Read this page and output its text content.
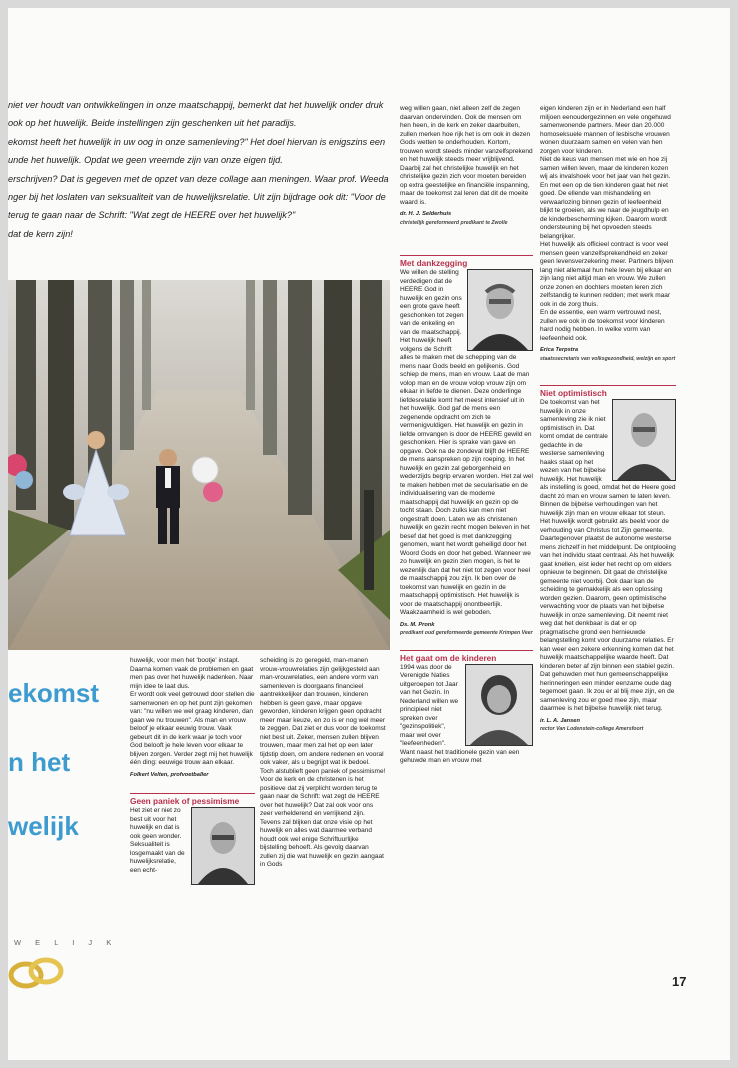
niet ver houdt van ontwikkelingen in onze maatschappij, bemerkt dat het huwelijk onder druk

ook op het huwelijk. Beide instellingen zijn geschenken uit het paradijs.

ekomst heeft het huwelijk in uw oog in onze samenleving?" Het doel hiervan is enigszins een

unde het huwelijk. Opdat we geen vreemde zijn van onze eigen tijd.

erschrijven? Dat is gegeven met de opzet van deze collage aan meningen. Waar prof. Weeda

nger bij het loslaten van seksualiteit van de huwelijksrelatie. Uit zijn bijdrage ook dit: "Voor de

terug te gaan naar de Schrift: "Wat zegt de HEERE over het huwelijk?"

dat de kern zijn!

ekomst
n het
welijk
W E L I J K

huwelijk, voor men het 'bootje' instapt. Daarna komen vaak de problemen en gaat men pas over het huwelijk nadenken. Naar mijn idee te laat dus.

Er wordt ook veel getrouwd door stellen die samenwonen en op het punt zijn gekomen van: "nu willen we wel graag kinderen, dan gaan we nu trouwen". Als man en vrouw beloof je elkaar eeuwig trouw. Vaak gebeurt dit in de kerk waar je toch voor God belooft je hele leven voor elkaar te blijven zorgen. Verder zegt mij het huwelijk één ding: eeuwige trouw aan elkaar.

Folkert Velten, profvoetballer
Geen paniek of pessimisme

Het ziet er niet zo best uit voor het huwelijk en dat is ook geen wonder. Seksualiteit is losgemaakt van de huwelijksrelatie, een echt-

scheiding is zo geregeld, man-manen vrouw-vrouwrelaties zijn gelijkgesteld aan man-vrouwrelaties, een andere vorm van samenleven is doorgaans financieel aantrekkelijker dan trouwen, kinderen hebben is geen gave, maar opgave geworden, kinderen krijgen geen opdracht meer maar keuze, en zo is er nog wel meer te zeggen. Dat ziet er dus voor de toekomst niet best uit. Zeker, mensen zullen blijven trouwen, maar men zal het op een later tijdstip doen, om andere redenen en vooral ook vaker, als u begrijpt wat ik bedoel.

Toch alstublieft geen paniek of pessimisme! Voor de kerk en de christenen is het positieve dat zij verplicht worden terug te gaan naar de Schrift: wat zegt de HEERE over het huwelijk? Dat zal ook voor ons zeer verhelderend en verrijkend zijn. Tevens zal blijken dat onze visie op het huwelijk en alles wat daarmee verband houdt ook wel enige Schriftuurlijke bijstelling behoeft. Als gevolg daarvan zullen zij die wat huwelijk en gezin aangaat in Gods

weg willen gaan, niet alleen zelf de zegen daarvan ondervinden. Ook de mensen om hen heen, in de kerk en zeker daarbuiten, zullen merken hoe rijk het is om ook in dezen Gods wetten te onderhouden. Kortom, trouwen wordt steeds minder vanzelfsprekend en het huwelijk steeds meer vrijblijvend. Daarbij zal het christelijke huwelijk en het christelijke gezin zich voor moeten bereiden op extra geestelijke en financiële inspanning, maar de toekomst zal leren dat dit de moeite waard is.

dr. H. J. Selderhuis
christelijk gereformeerd predikant te Zwolle
Met dankzegging

We willen de stelling verdedigen dat de HEERE God in huwelijk en gezin ons een grote gave heeft geschonken tot zegen van de enkeling en van de maatschappij. Het huwelijk heeft volgens de Schrift alles te maken met de schepping van de mens naar Gods beeld en gelijkenis. God schiep de mens, man en vrouw. Laat de man volop man en de vrouw volop vrouw zijn om elkaar in liefde te dienen. Deze onderlinge liefdesrelatie komt het meest intensief uit in het huwelijk. God gaf de mens een zegenende opdracht om zich te vermenigvuldigen. Het huwelijk en gezin in liefde omvangen is door de HEERE gewild en geschonken. Hier is sprake van gave en opgave. Ook na de zondeval blijft de HEERE de mens aanspreken op zijn roeping. In het huwelijk en gezin zal geborgenheid en wederzijds begrip ervaren worden. Het zal wel te maken hebben met de secularisatie en de individualisering van de moderne maatschappij dat huwelijk en gezin op de tocht staan. Doch zulks kan men niet ongestraft doen. Laten we als christenen huwelijk en gezin recht mogen beleven in het besef dat het goed is met dankzegging genomen, want het wordt geheiligd door het Woord Gods en door het gebed. Wanneer we zo huwelijk en gezin zien mogen, is het te wezenlijk dan dat het niet tot zegen voor heel de maatschappij zou zijn. Ik ben over de toekomst van huwelijk en gezin in de maatschappij optimistisch. Het huwelijk is voor de maatschappij onontbeerlijk. Waakzaamheid is wel geboden.

Ds. M. Pronk
predikant oud gereformeerde gemeente Krimpen Veer
Het gaat om de kinderen

1994 was door de Verenigde Naties uitgeroepen tot Jaar van het Gezin. In Nederland willen we principieel niet spreken over "gezinspolitiek", maar wel over "leefeenheden". Want naast het traditionele gezin van een gehuwde man en vrouw met

eigen kinderen zijn er in Nederland een half miljoen eenoudergezinnen en vele ongehuwd samenwonende partners. Meer dan 20.000 homoseksuele mannen of lesbische vrouwen wonen duurzaam samen en velen van hen zorgen voor kinderen.

Niet de keus van mensen met wie en hoe zij samen willen leven, maar de kinderen kozen wij als invalshoek voor het jaar van het gezin. En met een op de tien kinderen gaat het niet goed. De ellende van mishandeling en verwaarlozing binnen gezin of leefeenheid blijkt te groeien, als we naar de jeugdhulp en de kinderbescherming kijken. Daarom wordt ondersteuning bij het opvoeden steeds belangrijker.

Het huwelijk als officieel contract is voor veel mensen geen vanzelfsprekendheid en zeker geen levensverzekering meer. Partners blijven lang niet allemaal hun hele leven bij elkaar en zijn lang niet altijd man en vrouw. We zullen onze zonen en dochters moeten leren zich zelfstandig te kunnen redden; met werk maar ook in de zorg thuis.

En de essentie, een warm vertrouwd nest, zullen we ook in de toekomst voor kinderen hard nodig hebben. In welke vorm van leefeenheid ook.

Erica Terpstra
staatssecretaris van volksgezondheid, welzijn en sport
Niet optimistisch

De toekomst van het huwelijk in onze samenleving zie ik niet optimistisch in. Dat komt omdat de centrale gedachte in de westerse samenleving haaks staat op het wezen van het bijbelse huwelijk. Het huwelijk als instelling is goed, omdat het de Heere goed dacht zó man en vrouw samen te laten leven. Binnen de bijbelse verhoudingen van het huwelijk zijn man en vrouw elkaar tot steun. Het huwelijk wordt gebruikt als beeld voor de verhouding van Christus tot Zijn gemeente.

Daartegenover plaatst de autonome westerse mens zichzelf in het middelpunt. De ontplooiing van het individu staat centraal. Als het huwelijk gaat knellen, eist ieder het recht op om elders opnieuw te beginnen. Dit gaat de christelijke gemeente niet voorbij. Ook daar kan de scheiding te gemakkelijk als een oplossing worden gezien. Daarom, geen optimistische verwachting voor de plaats van het bijbelse huwelijk in onze samenleving. Dit neemt niet weg dat het denkbaar is dat er op pragmatische grond een hernieuwde belangstelling komt voor duurzame relaties. Er kan weer een zekere erkenning komen dat het huwelijk maatschappelijke waarde heeft. Dat kinderen beter af zijn binnen een stabiel gezin. Dat gehuwden met hun gemeenschappelijke herinneringen een minder eenzame oude dag tegemoet gaan. Ik zou er al blij mee zijn, en de samenleving zou er goed mee zijn, maar daarmee is het bijbelse huwelijk niet terug.

ir. L. A. Jansen
rector Van Lodenstein-college Amersfoort
17
